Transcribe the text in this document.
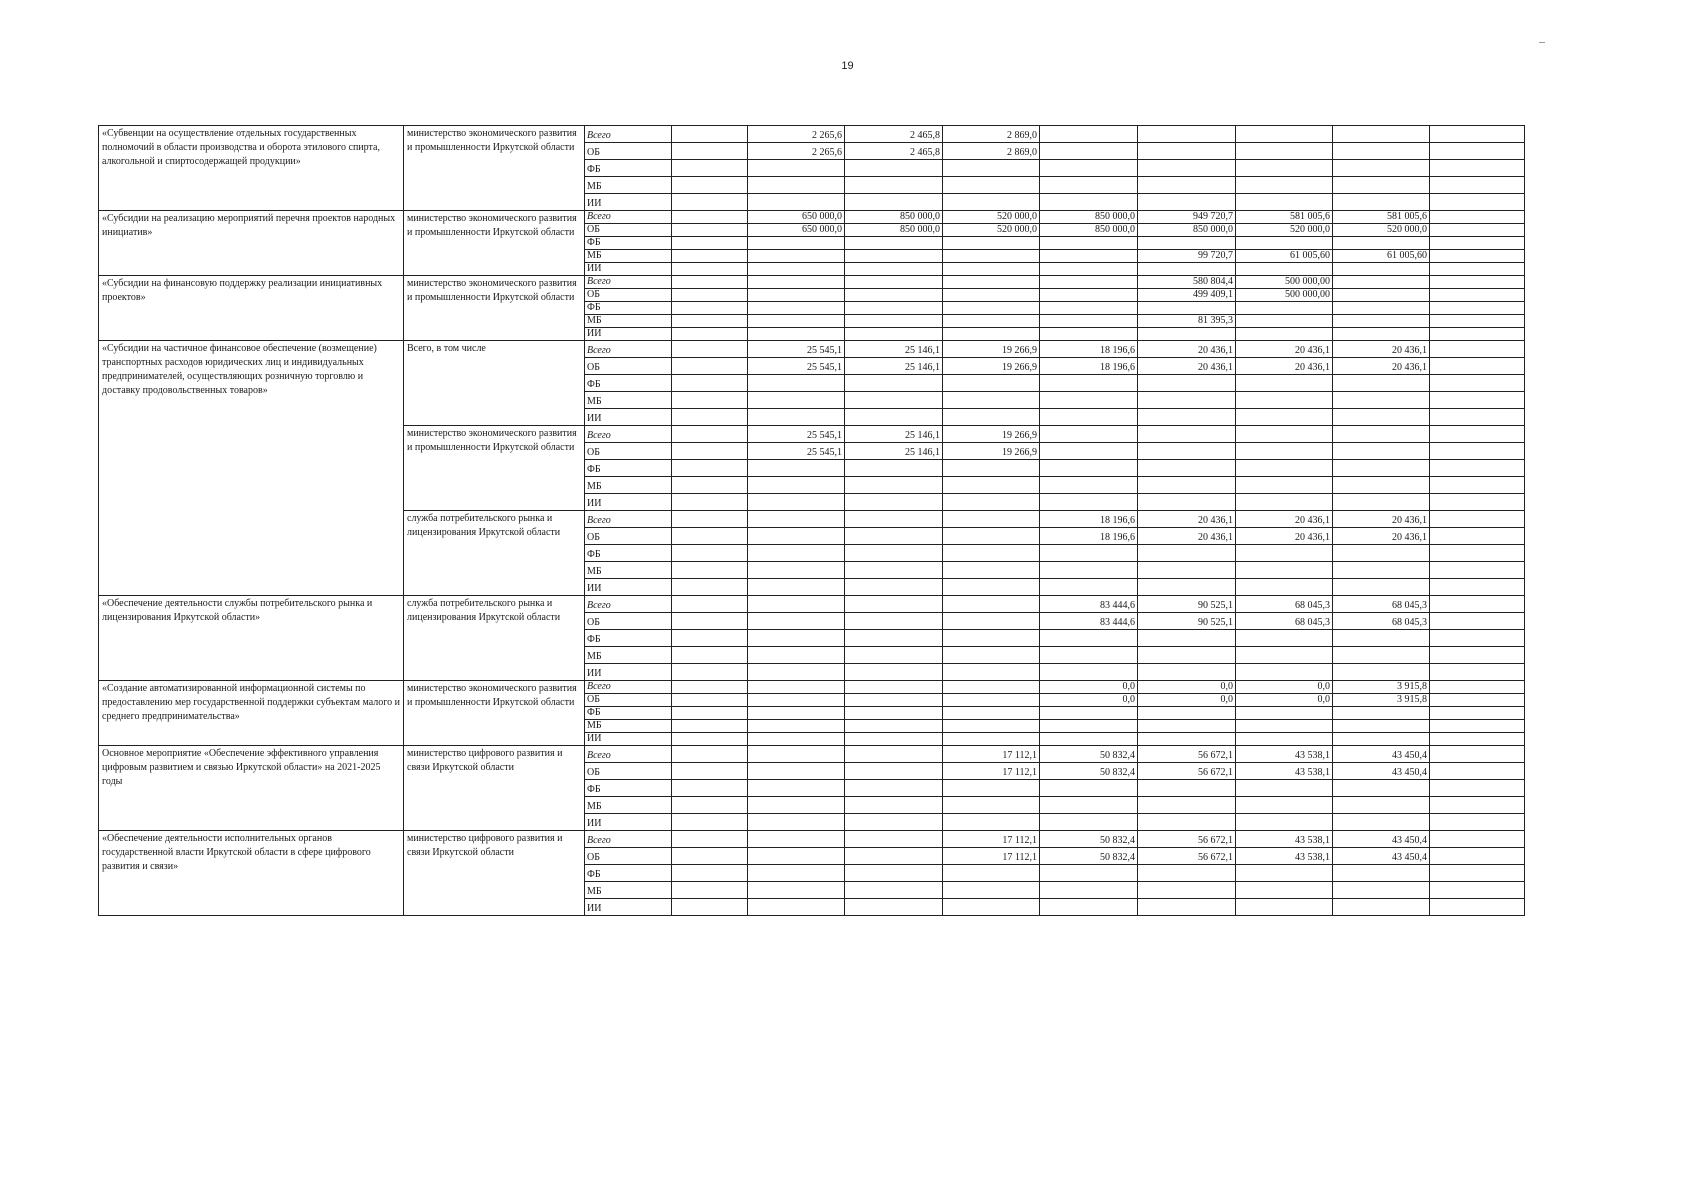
19
«Субвенции на осуществление отдельных государственных полномочий в области производства и оборота этилового спирта, алкогольной и спиртосодержащей продукции»	министерство экономического развития и промышленности Иркутской области	Всего		2 265,6	2 465,8	2 869,0					
		ОБ		2 265,6	2 465,8	2 869,0					
		ФБ									
		МБ									
		ИИ									
«Субсидии на реализацию мероприятий перечня проектов народных инициатив»	министерство экономического развития и промышленности Иркутской области	Всего		650 000,0	850 000,0	520 000,0	850 000,0	949 720,7	581 005,6	581 005,6	
		ОБ		650 000,0	850 000,0	520 000,0	850 000,0	850 000,0	520 000,0	520 000,0	
		ФБ									
		МБ						99 720,7	61 005,60	61 005,60	
		ИИ									
«Субсидии на финансовую поддержку реализации инициативных проектов»	министерство экономического развития и промышленности Иркутской области	Всего						580 804,4	500 000,00		
		ОБ						499 409,1	500 000,00		
		ФБ									
		МБ						81 395,3			
		ИИ									
«Субсидии на частичное финансовое обеспечение (возмещение) транспортных расходов юридических лиц и индивидуальных предпринимателей, осуществляющих розничную торговлю и доставку продовольственных товаров»	Всего, в том числе	Всего		25 545,1	25 146,1	19 266,9	18 196,6	20 436,1	20 436,1	20 436,1	
		ОБ		25 545,1	25 146,1	19 266,9	18 196,6	20 436,1	20 436,1	20 436,1	
		ФБ									
		МБ									
		ИИ									
	министерство экономического развития и промышленности Иркутской области	Всего		25 545,1	25 146,1	19 266,9					
		ОБ		25 545,1	25 146,1	19 266,9					
		ФБ									
		МБ									
		ИИ									
	служба потребительского рынка и лицензирования Иркутской области	Всего					18 196,6	20 436,1	20 436,1	20 436,1	
		ОБ					18 196,6	20 436,1	20 436,1	20 436,1	
		ФБ									
		МБ									
		ИИ									
«Обеспечение деятельности службы потребительского рынка и лицензирования Иркутской области»	служба потребительского рынка и лицензирования Иркутской области	Всего					83 444,6	90 525,1	68 045,3	68 045,3	
		ОБ					83 444,6	90 525,1	68 045,3	68 045,3	
		ФБ									
		МБ									
		ИИ									
«Создание автоматизированной информационной системы по предоставлению мер государственной поддержки субъектам малого и среднего предпринимательства»	министерство экономического развития и промышленности Иркутской области	Всего					0,0	0,0	0,0	3 915,8	
		ОБ					0,0	0,0	0,0	3 915,8	
		ФБ									
		МБ									
		ИИ									
Основное мероприятие «Обеспечение эффективного управления цифровым развитием и связью Иркутской области» на 2021-2025 годы	министерство цифрового развития и связи Иркутской области	Всего				17 112,1	50 832,4	56 672,1	43 538,1	43 450,4	
		ОБ				17 112,1	50 832,4	56 672,1	43 538,1	43 450,4	
		ФБ									
		МБ									
		ИИ									
«Обеспечение деятельности исполнительных органов государственной власти Иркутской области в сфере цифрового развития и связи»	министерство цифрового развития и связи Иркутской области	Всего				17 112,1	50 832,4	56 672,1	43 538,1	43 450,4	
		ОБ				17 112,1	50 832,4	56 672,1	43 538,1	43 450,4	
		ФБ									
		МБ									
		ИИ									
